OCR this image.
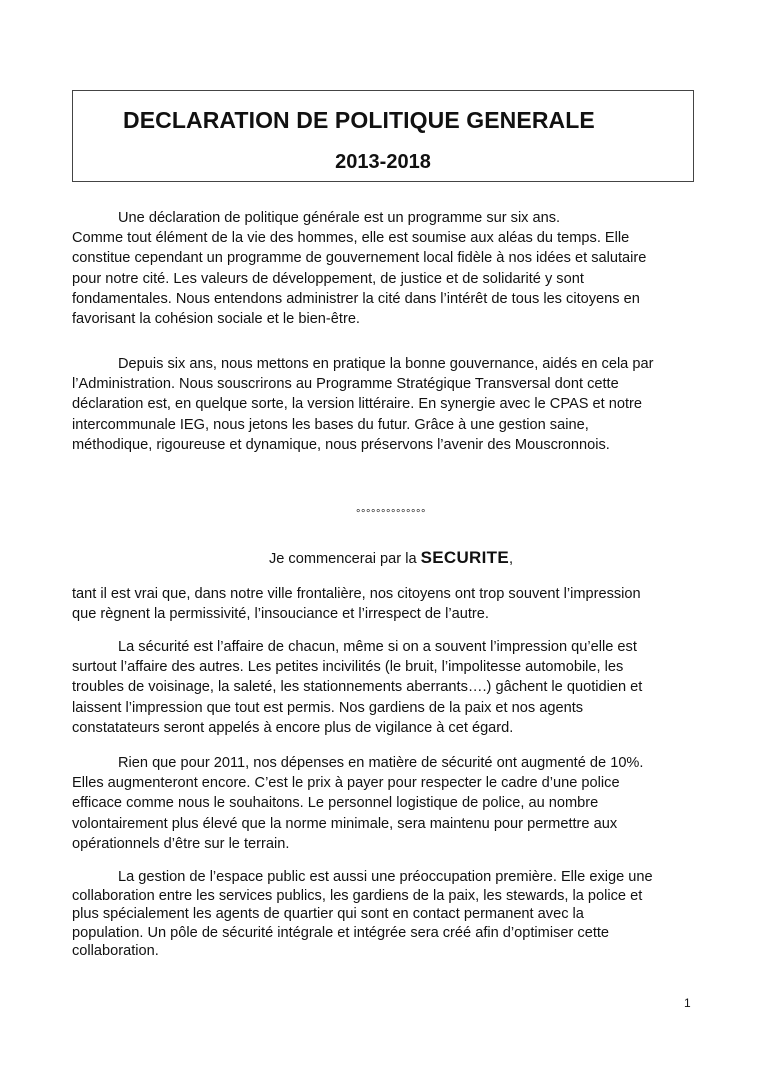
DECLARATION DE POLITIQUE GENERALE
2013-2018
Une déclaration de politique générale est un programme sur six ans.
Comme tout élément de la vie des hommes, elle est soumise aux aléas du temps. Elle
constitue cependant un programme de gouvernement local fidèle à nos idées et salutaire
pour notre cité. Les valeurs de développement, de justice et de solidarité y sont
fondamentales. Nous entendons administrer la cité dans l’intérêt de tous les citoyens en
favorisant la cohésion sociale et le bien-être.
Depuis six ans, nous mettons en pratique la bonne gouvernance, aidés en cela par
l’Administration. Nous souscrirons au Programme Stratégique Transversal dont cette
déclaration est, en quelque sorte, la version littéraire. En synergie avec le CPAS et notre
intercommunale IEG, nous jetons les bases du futur. Grâce à une gestion saine,
méthodique, rigoureuse et dynamique, nous préservons l’avenir des Mouscronnois.
°°°°°°°°°°°°°°
Je commencerai par la SECURITE,
tant il est vrai que, dans notre ville frontalière, nos citoyens ont trop souvent l’impression
que règnent la permissivité, l’insouciance et l’irrespect de l’autre.
La sécurité est l’affaire de chacun, même si on a souvent l’impression qu’elle est
surtout l’affaire des autres. Les petites incivilités (le bruit, l’impolitesse automobile, les
troubles de voisinage, la saleté, les stationnements aberrants….) gâchent le quotidien et
laissent l’impression que tout est permis. Nos gardiens de la paix et nos agents
constatateurs seront appelés à encore plus de vigilance à cet égard.
Rien que pour 2011, nos dépenses en matière de sécurité ont augmenté de 10%.
Elles augmenteront encore. C’est le prix à payer pour respecter le cadre d’une police
efficace comme nous le souhaitons. Le personnel logistique de police, au nombre
volontairement plus élevé que la norme minimale, sera maintenu pour permettre aux
opérationnels d’être sur le terrain.
La gestion de l’espace public est aussi une préoccupation première. Elle exige une
collaboration entre les services publics, les gardiens de la paix, les stewards, la police et
plus spécialement les agents de quartier qui sont en contact permanent avec la
population. Un pôle de sécurité intégrale et intégrée sera créé afin d’optimiser cette
collaboration.
1
